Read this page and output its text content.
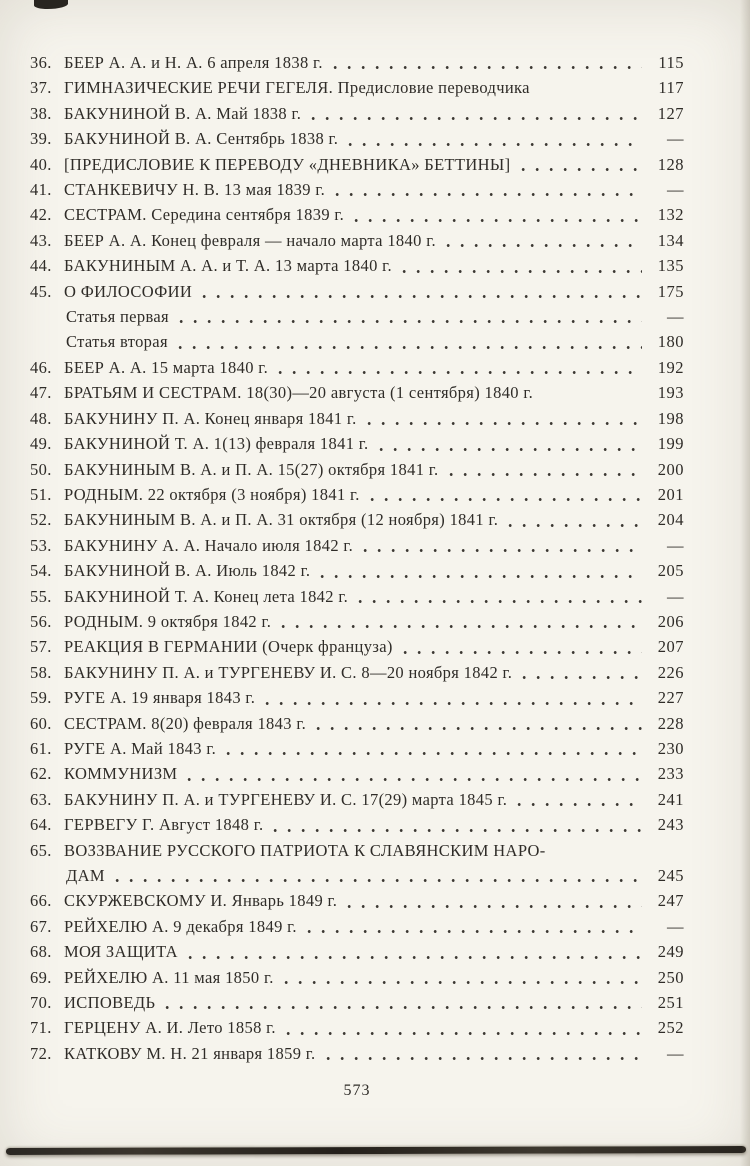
36. БЕЕР А. А. и Н. А. 6 апреля 1838 г.	115
37. ГИМНАЗИЧЕСКИЕ РЕЧИ ГЕГЕЛЯ. Предисловие переводчика	117
38. БАКУНИНОЙ В. А. Май 1838 г.	127
39. БАКУНИНОЙ В. А. Сентябрь 1838 г.	—
40. [ПРЕДИСЛОВИЕ К ПЕРЕВОДУ «ДНЕВНИКА» БЕТТИНЫ]	128
41. СТАНКЕВИЧУ Н. В. 13 мая 1839 г.	—
42. СЕСТРАМ. Середина сентября 1839 г.	132
43. БЕЕР А. А. Конец февраля — начало марта 1840 г.	134
44. БАКУНИНЫМ А. А. и Т. А. 13 марта 1840 г.	135
45. О ФИЛОСОФИИ	175
Статья первая	—
Статья вторая	180
46. БЕЕР А. А. 15 марта 1840 г.	192
47. БРАТЬЯМ И СЕСТРАМ. 18(30)—20 августа (1 сентября) 1840 г.	193
48. БАКУНИНУ П. А. Конец января 1841 г.	198
49. БАКУНИНОЙ Т. А. 1(13) февраля 1841 г.	199
50. БАКУНИНЫМ В. А. и П. А. 15(27) октября 1841 г.	200
51. РОДНЫМ. 22 октября (3 ноября) 1841 г.	201
52. БАКУНИНЫМ В. А. и П. А. 31 октября (12 ноября) 1841 г.	204
53. БАКУНИНУ А. А. Начало июля 1842 г.	—
54. БАКУНИНОЙ В. А. Июль 1842 г.	205
55. БАКУНИНОЙ Т. А. Конец лета 1842 г.	—
56. РОДНЫМ. 9 октября 1842 г.	206
57. РЕАКЦИЯ В ГЕРМАНИИ (Очерк француза)	207
58. БАКУНИНУ П. А. и ТУРГЕНЕВУ И. С. 8—20 ноября 1842 г.	226
59. РУГЕ А. 19 января 1843 г.	227
60. СЕСТРАМ. 8(20) февраля 1843 г.	228
61. РУГЕ А. Май 1843 г.	230
62. КОММУНИЗМ	233
63. БАКУНИНУ П. А. и ТУРГЕНЕВУ И. С. 17(29) марта 1845 г.	241
64. ГЕРВЕГУ Г. Август 1848 г.	243
65. ВОЗЗВАНИЕ РУССКОГО ПАТРИОТА К СЛАВЯНСКИМ НАРО-
ДАМ	245
66. СКУРЖЕВСКОМУ И. Январь 1849 г.	247
67. РЕЙХЕЛЮ А. 9 декабря 1849 г.	—
68. МОЯ ЗАЩИТА	249
69. РЕЙХЕЛЮ А. 11 мая 1850 г.	250
70. ИСПОВЕДЬ	251
71. ГЕРЦЕНУ А. И. Лето 1858 г.	252
72. КАТКОВУ М. Н. 21 января 1859 г.	—
573
